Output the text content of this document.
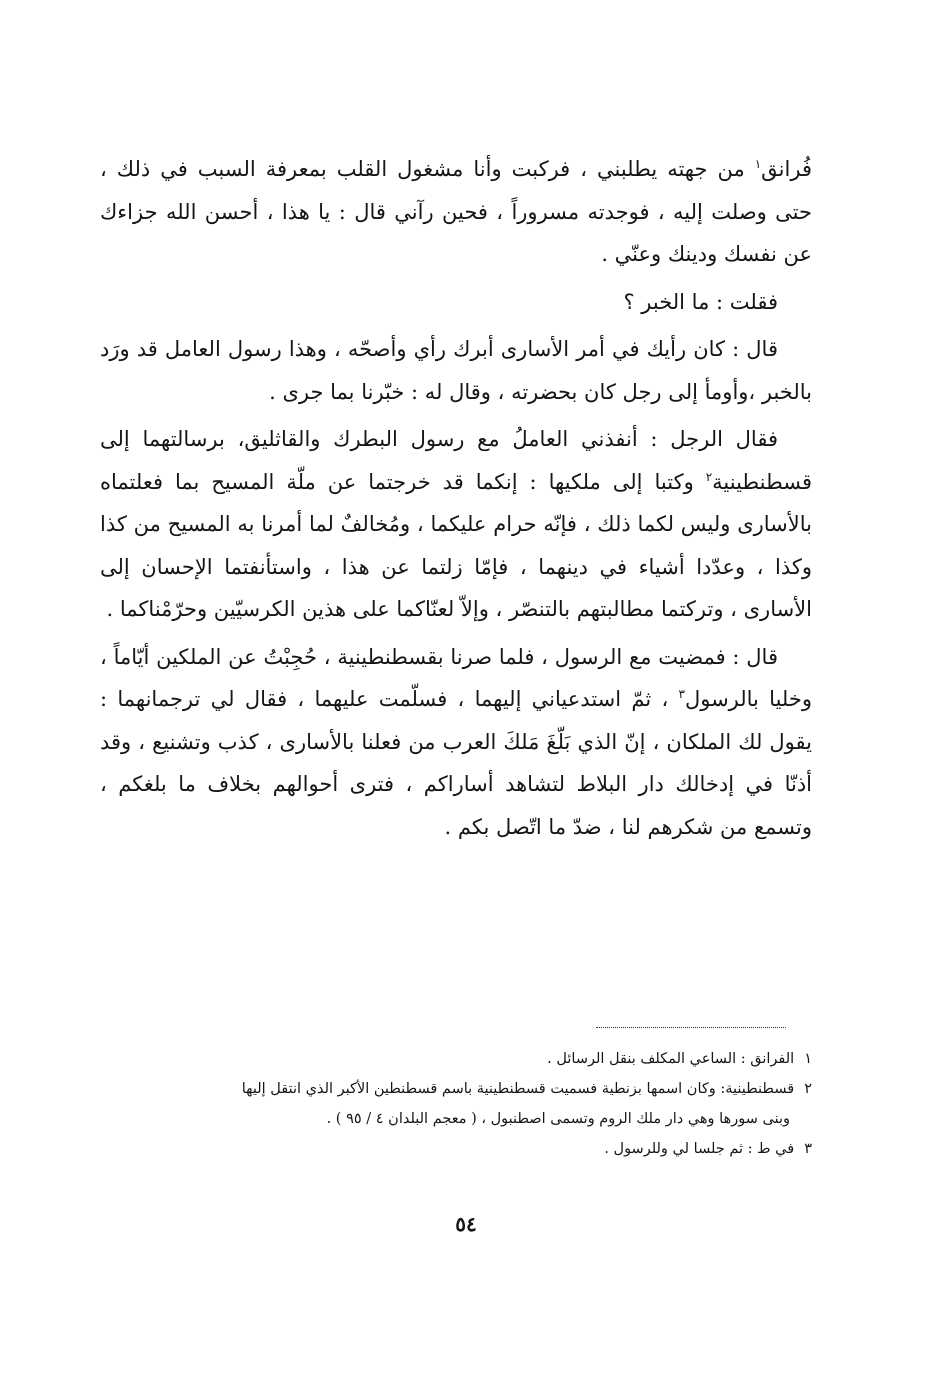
فُرانق$^١$ من جهته يطلبني ، فركبت وأنا مشغول القلب بمعرفة السبب في ذلك ، حتى وصلت إليه ، فوجدته مسروراً ، فحين رآني قال : يا هذا ، أحسن الله جزاءك عن نفسك ودينك وعنّي .

فقلت : ما الخبر ؟

قال : كان رأيك في أمر الأسارى أبرك رأي وأصحّه ، وهذا رسول العامل قد ورَد بالخبر ،وأومأ إلى رجل كان بحضرته ، وقال له : خبّرنا بما جرى .

فقال الرجل : أنفذني العاملُ مع رسول البطرك والقاثليق، برسالتهما إلى قسطنطينية$^٢$ وكتبا إلى ملكيها : إنكما قد خرجتما عن ملّة المسيح بما فعلتماه بالأسارى وليس لكما ذلك ، فإنّه حرام عليكما ، ومُخالفٌ لما أمرنا به المسيح من كذا وكذا ، وعدّدا أشياء في دينهما ، فإمّا زلتما عن هذا ، واستأنفتما الإحسان إلى الأسارى ، وتركتما مطالبتهم بالتنصّر ، وإلاّ لعنّاكما على هذين الكرسيّين وحرّمْناكما .

قال : فمضيت مع الرسول ، فلما صرنا بقسطنطينية ، حُجِبْتُ عن الملكين أيّاماً ، وخليا بالرسول$^٣$ ، ثمّ استدعياني إليهما ، فسلّمت عليهما ، فقال لي ترجمانهما : يقول لك الملكان ، إنّ الذي بَلّغَ مَلكَ العرب من فعلنا بالأسارى ، كذب وتشنيع ، وقد أذنّا في إدخالك دار البلاط لتشاهد أساراكم ، فترى أحوالهم بخلاف ما بلغكم ، وتسمع من شكرهم لنا ، ضدّ ما اتّصل بكم .

١الفرانق : الساعي المكلف بنقل الرسائل .

٢قسطنطينية: وكان اسمها بزنطية فسميت قسطنطينية باسم قسطنطين الأكبر الذي انتقل إليها

وبنى سورها وهي دار ملك الروم وتسمى اصطنبول ، ( معجم البلدان ٤ / ٩٥ ) .

٣في ط : ثم جلسا لي وللرسول .

٥٤
